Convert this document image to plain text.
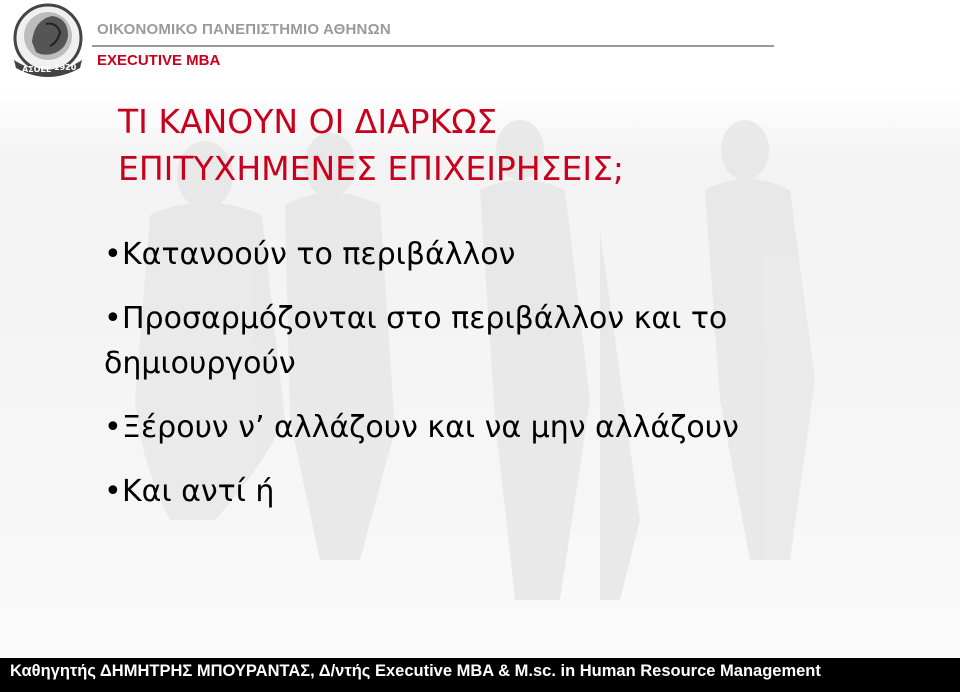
ΑΣΟΕΕ 1920
ΟΙΚΟΝΟΜΙΚΟ ΠΑΝΕΠΙΣΤΗΜΙΟ ΑΘΗΝΩΝ
EXECUTIVE MBA
ΤΙ ΚΑΝΟΥΝ ΟΙ ΔΙΑΡΚΩΣ
ΕΠΙΤΥΧΗΜΕΝΕΣ ΕΠΙΧΕΙΡΗΣΕΙΣ;

•Κατανοούν το περιβάλλον

•Προσαρμόζονται στο περιβάλλον και το δημιουργούν

•Ξέρουν ν’ αλλάζουν και να μην αλλάζουν

•Και αντί ή

Καθηγητής ΔΗΜΗΤΡΗΣ ΜΠΟΥΡΑΝΤΑΣ, Δ/ντής Executive MBA & M.sc. in Human Resource Management
